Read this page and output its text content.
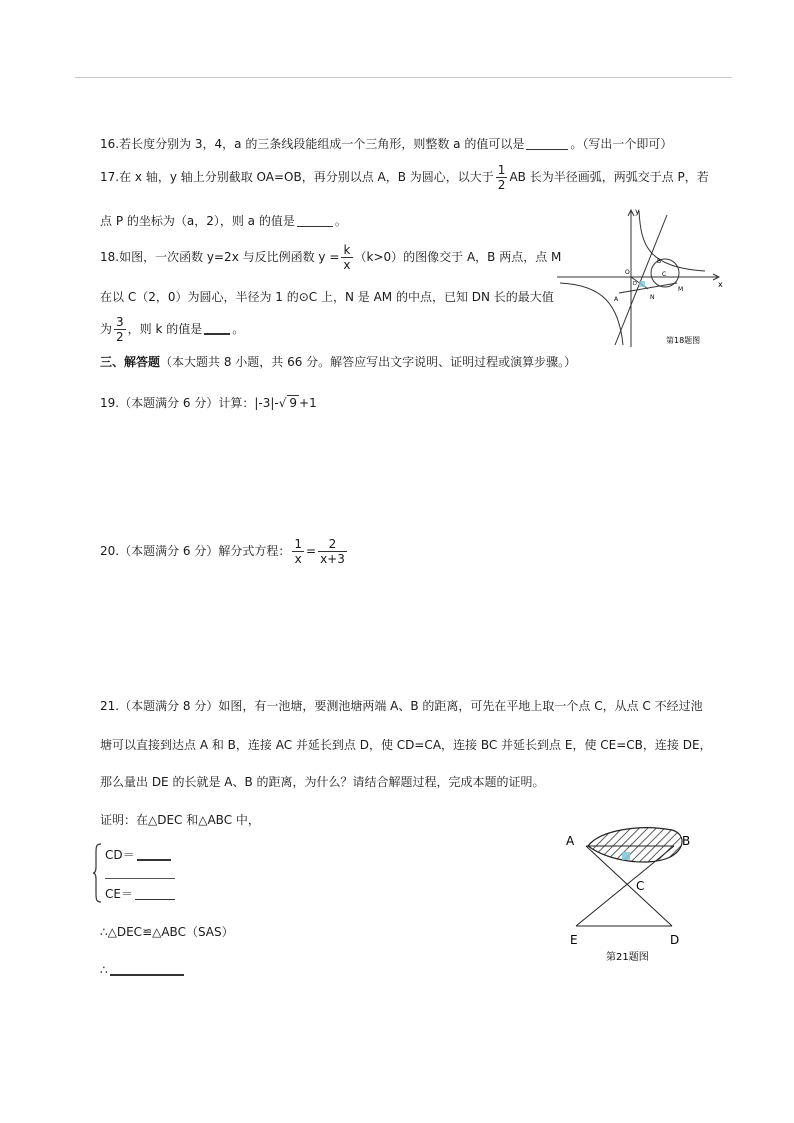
16.若长度分别为 3，4，a 的三条线段能组成一个三角形，则整数 a 的值可以是	。（写出一个即可）
17.在 x 轴，y 轴上分别截取 OA=OB，再分别以点 A，B 为圆心，以大于 $\frac{1}{2}$ AB 长为半径画弧，两弧交于点 P，若
点 P 的坐标为（a，2），则 a 的值是	。
18.如图，一次函数 y=2x 与反比例函数 $y = \frac{k}{x} (k>0)$的图像交于 A，B 两点，点 M
在以 C（2，0）为圆心，半径为 1 的⊙C 上，N 是 AM 的中点，已知 DN 长的最大值
为 $\frac{3}{2}$ ，则 k 的值是	。
y
x
O
B
C
A	N
M
D
第18题图
三、解答题（本大题共 8 小题，共 66 分。解答应写出文字说明、证明过程或演算步骤。）
19.（本题满分 6 分）计算：|-3|-√ 9 +1
20.（本题满分 6 分）解分式方程： $\frac{1}{x} = \frac{2}{x+3}$
21.（本题满分 8 分）如图，有一池塘，要测池塘两端 A、B 的距离，可先在平地上取一个点 C，从点 C 不经过池
塘可以直接到达点 A 和 B，连接 AC 并延长到点 D，使 CD=CA，连接 BC 并延长到点 E，使 CE=CB，连接 DE，
那么量出 DE 的长就是 A、B 的距离，为什么？请结合解题过程，完成本题的证明。
证明：在△DEC 和△ABC 中，
CD＝
CE＝
∴△DEC≌△ABC（SAS）
∴
A	B
C
E	D
第21题图
